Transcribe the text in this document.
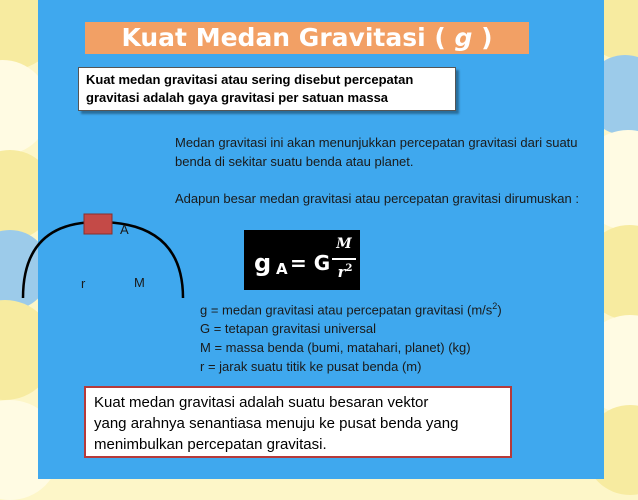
Kuat Medan Gravitasi ( g )
Kuat medan gravitasi atau sering disebut percepatan
gravitasi adalah gaya gravitasi per satuan massa
Medan gravitasi ini akan menunjukkan percepatan gravitasi dari suatu benda di sekitar suatu benda atau planet.
Adapun besar medan gravitasi atau percepatan gravitasi dirumuskan :
A
r	M
g A = G
M
$r^2$
g = medan gravitasi atau percepatan gravitasi $(m/s^2)$
G = tetapan gravitasi universal
M = massa benda (bumi, matahari, planet) (kg)
r = jarak suatu titik ke pusat benda (m)
Kuat medan gravitasi adalah suatu besaran vektor
yang arahnya senantiasa menuju ke pusat benda yang
menimbulkan percepatan gravitasi.
